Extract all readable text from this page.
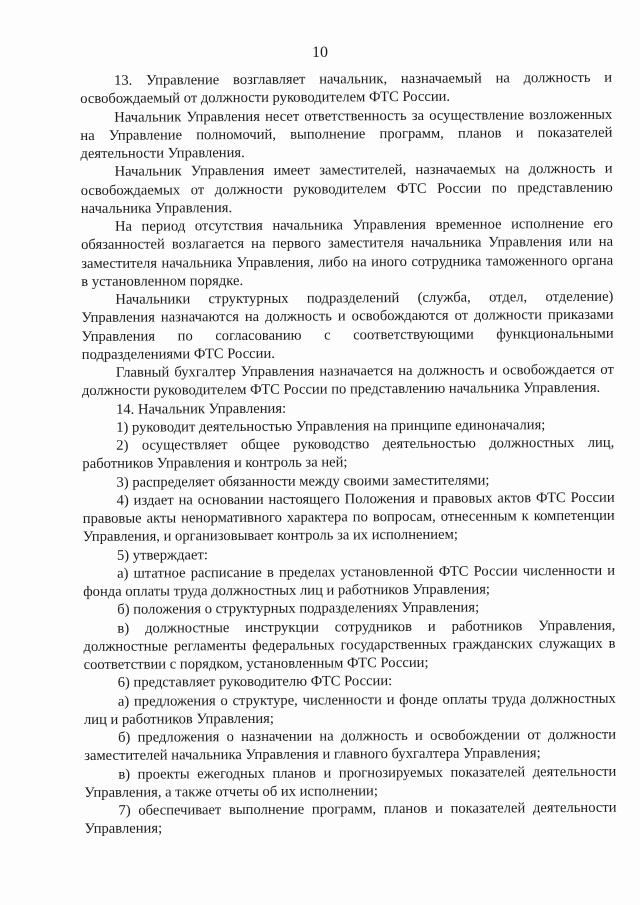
10

13. Управление возглавляет начальник, назначаемый на должность и освобождаемый от должности руководителем ФТС России.

Начальник Управления несет ответственность за осуществление возложенных на Управление полномочий, выполнение программ, планов и показателей деятельности Управления.

Начальник Управления имеет заместителей, назначаемых на должность и освобождаемых от должности руководителем ФТС России по представлению начальника Управления.

На период отсутствия начальника Управления временное исполнение его обязанностей возлагается на первого заместителя начальника Управления или на заместителя начальника Управления, либо на иного сотрудника таможенного органа в установленном порядке.

Начальники структурных подразделений (служба, отдел, отделение) Управления назначаются на должность и освобождаются от должности приказами Управления по согласованию с соответствующими функциональными подразделениями ФТС России.

Главный бухгалтер Управления назначается на должность и освобождается от должности руководителем ФТС России по представлению начальника Управления.

14. Начальник Управления:

1) руководит деятельностью Управления на принципе единоначалия;

2) осуществляет общее руководство деятельностью должностных лиц, работников Управления и контроль за ней;

3) распределяет обязанности между своими заместителями;

4) издает на основании настоящего Положения и правовых актов ФТС России правовые акты ненормативного характера по вопросам, отнесенным к компетенции Управления, и организовывает контроль за их исполнением;

5) утверждает:

а) штатное расписание в пределах установленной ФТС России численности и фонда оплаты труда должностных лиц и работников Управления;

б) положения о структурных подразделениях Управления;

в) должностные инструкции сотрудников и работников Управления, должностные регламенты федеральных государственных гражданских служащих в соответствии с порядком, установленным ФТС России;

6) представляет руководителю ФТС России:

а) предложения о структуре, численности и фонде оплаты труда должностных лиц и работников Управления;

б) предложения о назначении на должность и освобождении от должности заместителей начальника Управления и главного бухгалтера Управления;

в) проекты ежегодных планов и прогнозируемых показателей деятельности Управления, а также отчеты об их исполнении;

7) обеспечивает выполнение программ, планов и показателей деятельности Управления;
